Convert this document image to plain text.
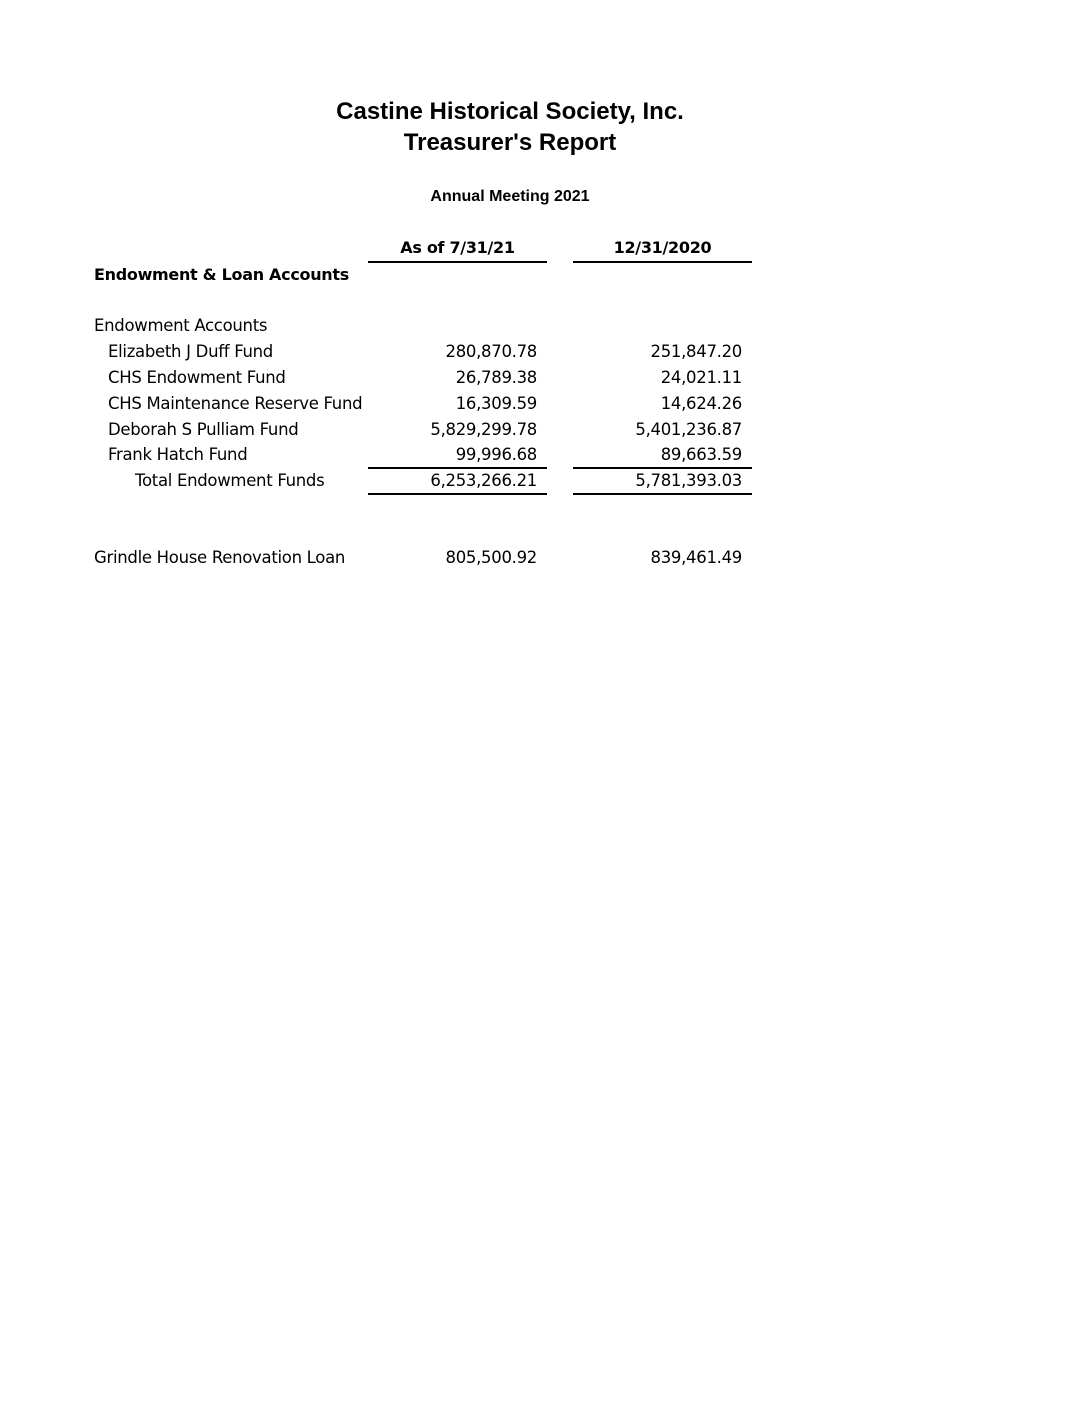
Castine Historical Society, Inc.
Treasurer's Report
Annual Meeting 2021
As of 7/31/21	12/31/2020
Endowment & Loan Accounts
Endowment Accounts
Elizabeth J Duff Fund	280,870.78	251,847.20
CHS Endowment Fund	26,789.38	24,021.11
CHS Maintenance Reserve Fund	16,309.59	14,624.26
Deborah S Pulliam Fund	5,829,299.78	5,401,236.87
Frank Hatch Fund	99,996.68	89,663.59
Total Endowment Funds	6,253,266.21	5,781,393.03
Grindle House Renovation Loan	805,500.92	839,461.49
